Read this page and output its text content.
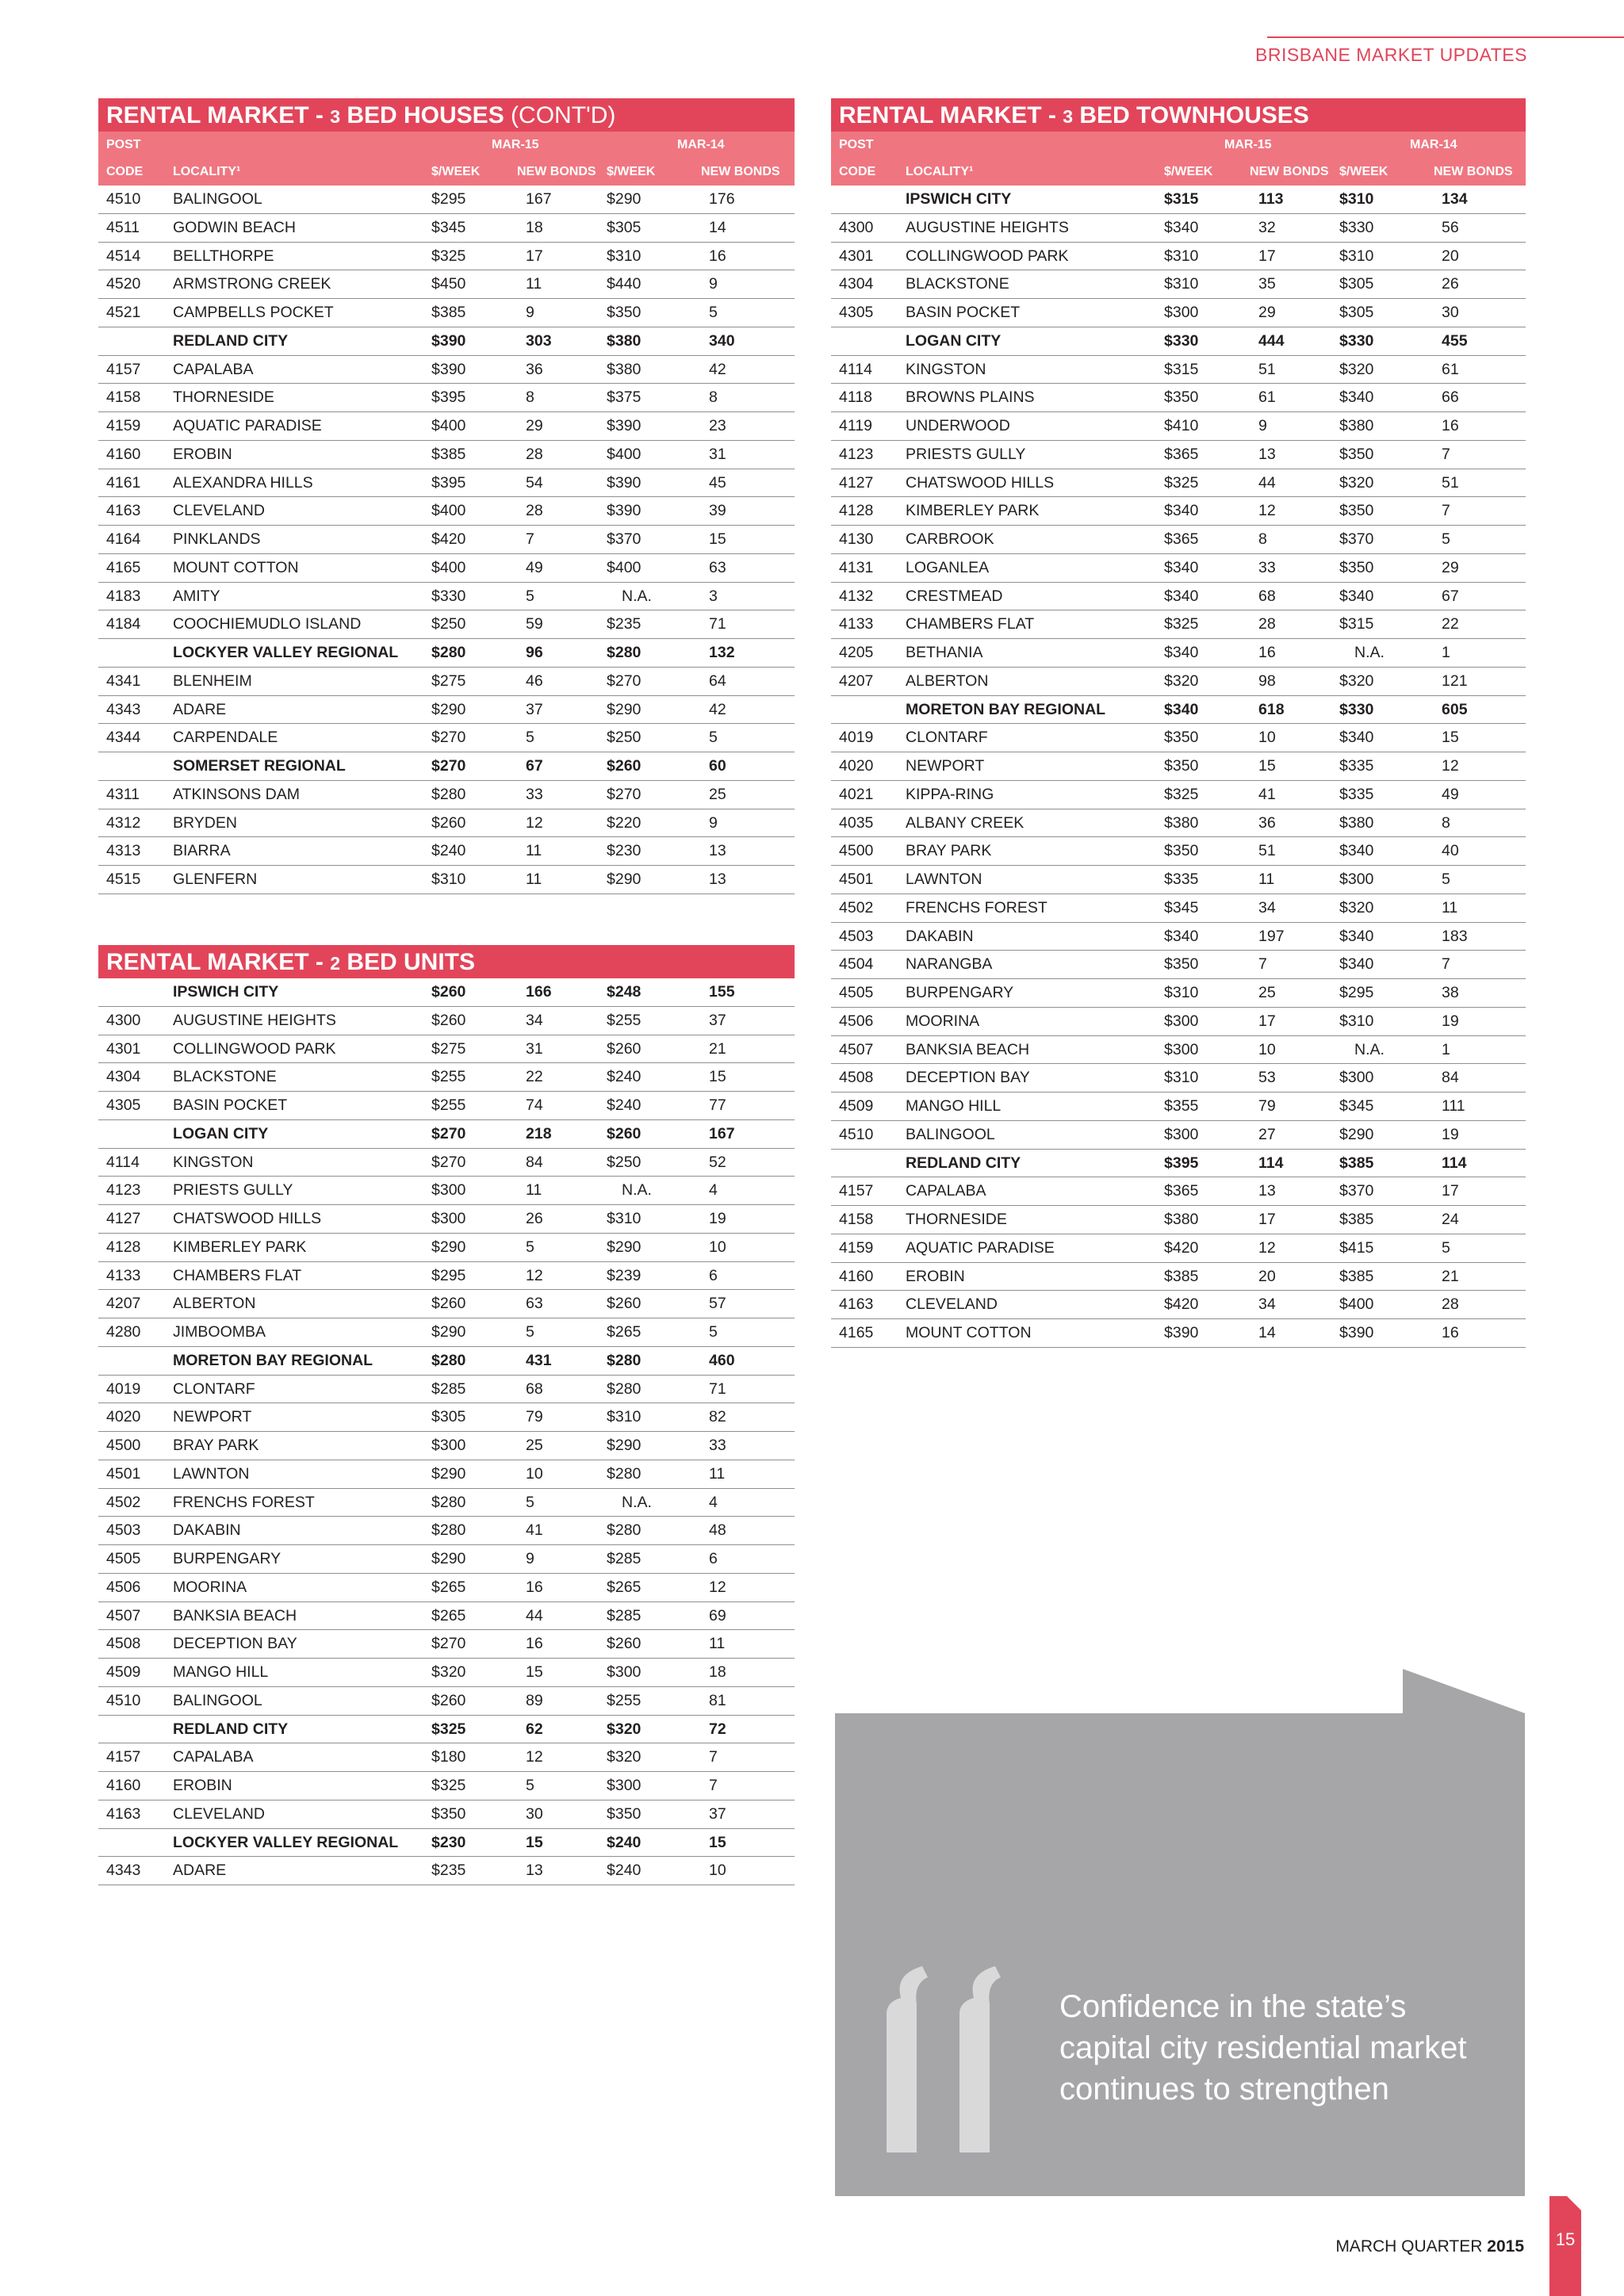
BRISBANE MARKET UPDATES
RENTAL MARKET - 3 BED HOUSES (CONT'D)
POST	MAR-15	MAR-14
CODE LOCALITY¹	$/WEEK	NEW BONDS $/WEEK	NEW BONDS
4510 BALINGOOL	$295	167	$290	176
4511 GODWIN BEACH	$345	18	$305	14
4514 BELLTHORPE	$325	17	$310	16
4520 ARMSTRONG CREEK	$450	11	$440	9
4521 CAMPBELLS POCKET	$385	9	$350	5
REDLAND CITY	$390	303	$380	340
4157 CAPALABA	$390	36	$380	42
4158 THORNESIDE	$395	8	$375	8
4159 AQUATIC PARADISE	$400	29	$390	23
4160 EROBIN	$385	28	$400	31
4161 ALEXANDRA HILLS	$395	54	$390	45
4163 CLEVELAND	$400	28	$390	39
4164 PINKLANDS	$420	7	$370	15
4165 MOUNT COTTON	$400	49	$400	63
4183 AMITY	$330	5	N.A.	3
4184 COOCHIEMUDLO ISLAND	$250	59	$235	71
LOCKYER VALLEY REGIONAL $280	96	$280	132
4341 BLENHEIM	$275	46	$270	64
4343 ADARE	$290	37	$290	42
4344 CARPENDALE	$270	5	$250	5
SOMERSET REGIONAL	$270	67	$260	60
4311 ATKINSONS DAM	$280	33	$270	25
4312 BRYDEN	$260	12	$220	9
4313 BIARRA	$240	11	$230	13
4515 GLENFERN	$310	11	$290	13
RENTAL MARKET - 2 BED UNITS
IPSWICH CITY	$260	166	$248	155
4300 AUGUSTINE HEIGHTS	$260	34	$255	37
4301 COLLINGWOOD PARK	$275	31	$260	21
4304 BLACKSTONE	$255	22	$240	15
4305 BASIN POCKET	$255	74	$240	77
LOGAN CITY	$270	218	$260	167
4114 KINGSTON	$270	84	$250	52
4123 PRIESTS GULLY	$300	11	N.A.	4
4127 CHATSWOOD HILLS	$300	26	$310	19
4128 KIMBERLEY PARK	$290	5	$290	10
4133 CHAMBERS FLAT	$295	12	$239	6
4207 ALBERTON	$260	63	$260	57
4280 JIMBOOMBA	$290	5	$265	5
MORETON BAY REGIONAL	$280	431	$280	460
4019 CLONTARF	$285	68	$280	71
4020 NEWPORT	$305	79	$310	82
4500 BRAY PARK	$300	25	$290	33
4501 LAWNTON	$290	10	$280	11
4502 FRENCHS FOREST	$280	5	N.A.	4
4503 DAKABIN	$280	41	$280	48
4505 BURPENGARY	$290	9	$285	6
4506 MOORINA	$265	16	$265	12
4507 BANKSIA BEACH	$265	44	$285	69
4508 DECEPTION BAY	$270	16	$260	11
4509 MANGO HILL	$320	15	$300	18
4510 BALINGOOL	$260	89	$255	81
REDLAND CITY	$325	62	$320	72
4157 CAPALABA	$180	12	$320	7
4160 EROBIN	$325	5	$300	7
4163 CLEVELAND	$350	30	$350	37
LOCKYER VALLEY REGIONAL $230	15	$240	15
4343 ADARE	$235	13	$240	10
RENTAL MARKET - 3 BED TOWNHOUSES
POST	MAR-15	MAR-14
CODE LOCALITY¹	$/WEEK	NEW BONDS $/WEEK	NEW BONDS
IPSWICH CITY	$315	113	$310	134
4300 AUGUSTINE HEIGHTS	$340	32	$330	56
4301 COLLINGWOOD PARK	$310	17	$310	20
4304 BLACKSTONE	$310	35	$305	26
4305 BASIN POCKET	$300	29	$305	30
LOGAN CITY	$330	444	$330	455
4114 KINGSTON	$315	51	$320	61
4118 BROWNS PLAINS	$350	61	$340	66
4119 UNDERWOOD	$410	9	$380	16
4123 PRIESTS GULLY	$365	13	$350	7
4127 CHATSWOOD HILLS	$325	44	$320	51
4128 KIMBERLEY PARK	$340	12	$350	7
4130 CARBROOK	$365	8	$370	5
4131 LOGANLEA	$340	33	$350	29
4132 CRESTMEAD	$340	68	$340	67
4133 CHAMBERS FLAT	$325	28	$315	22
4205 BETHANIA	$340	16	N.A.	1
4207 ALBERTON	$320	98	$320	121
MORETON BAY REGIONAL	$340	618	$330	605
4019 CLONTARF	$350	10	$340	15
4020 NEWPORT	$350	15	$335	12
4021 KIPPA-RING	$325	41	$335	49
4035 ALBANY CREEK	$380	36	$380	8
4500 BRAY PARK	$350	51	$340	40
4501 LAWNTON	$335	11	$300	5
4502 FRENCHS FOREST	$345	34	$320	11
4503 DAKABIN	$340	197	$340	183
4504 NARANGBA	$350	7	$340	7
4505 BURPENGARY	$310	25	$295	38
4506 MOORINA	$300	17	$310	19
4507 BANKSIA BEACH	$300	10	N.A.	1
4508 DECEPTION BAY	$310	53	$300	84
4509 MANGO HILL	$355	79	$345	111
4510 BALINGOOL	$300	27	$290	19
REDLAND CITY	$395	114	$385	114
4157 CAPALABA	$365	13	$370	17
4158 THORNESIDE	$380	17	$385	24
4159 AQUATIC PARADISE	$420	12	$415	5
4160 EROBIN	$385	20	$385	21
4163 CLEVELAND	$420	34	$400	28
4165 MOUNT COTTON	$390	14	$390	16
Confidence in the state’s capital city residential market continues to strengthen
MARCH QUARTER 2015	15
